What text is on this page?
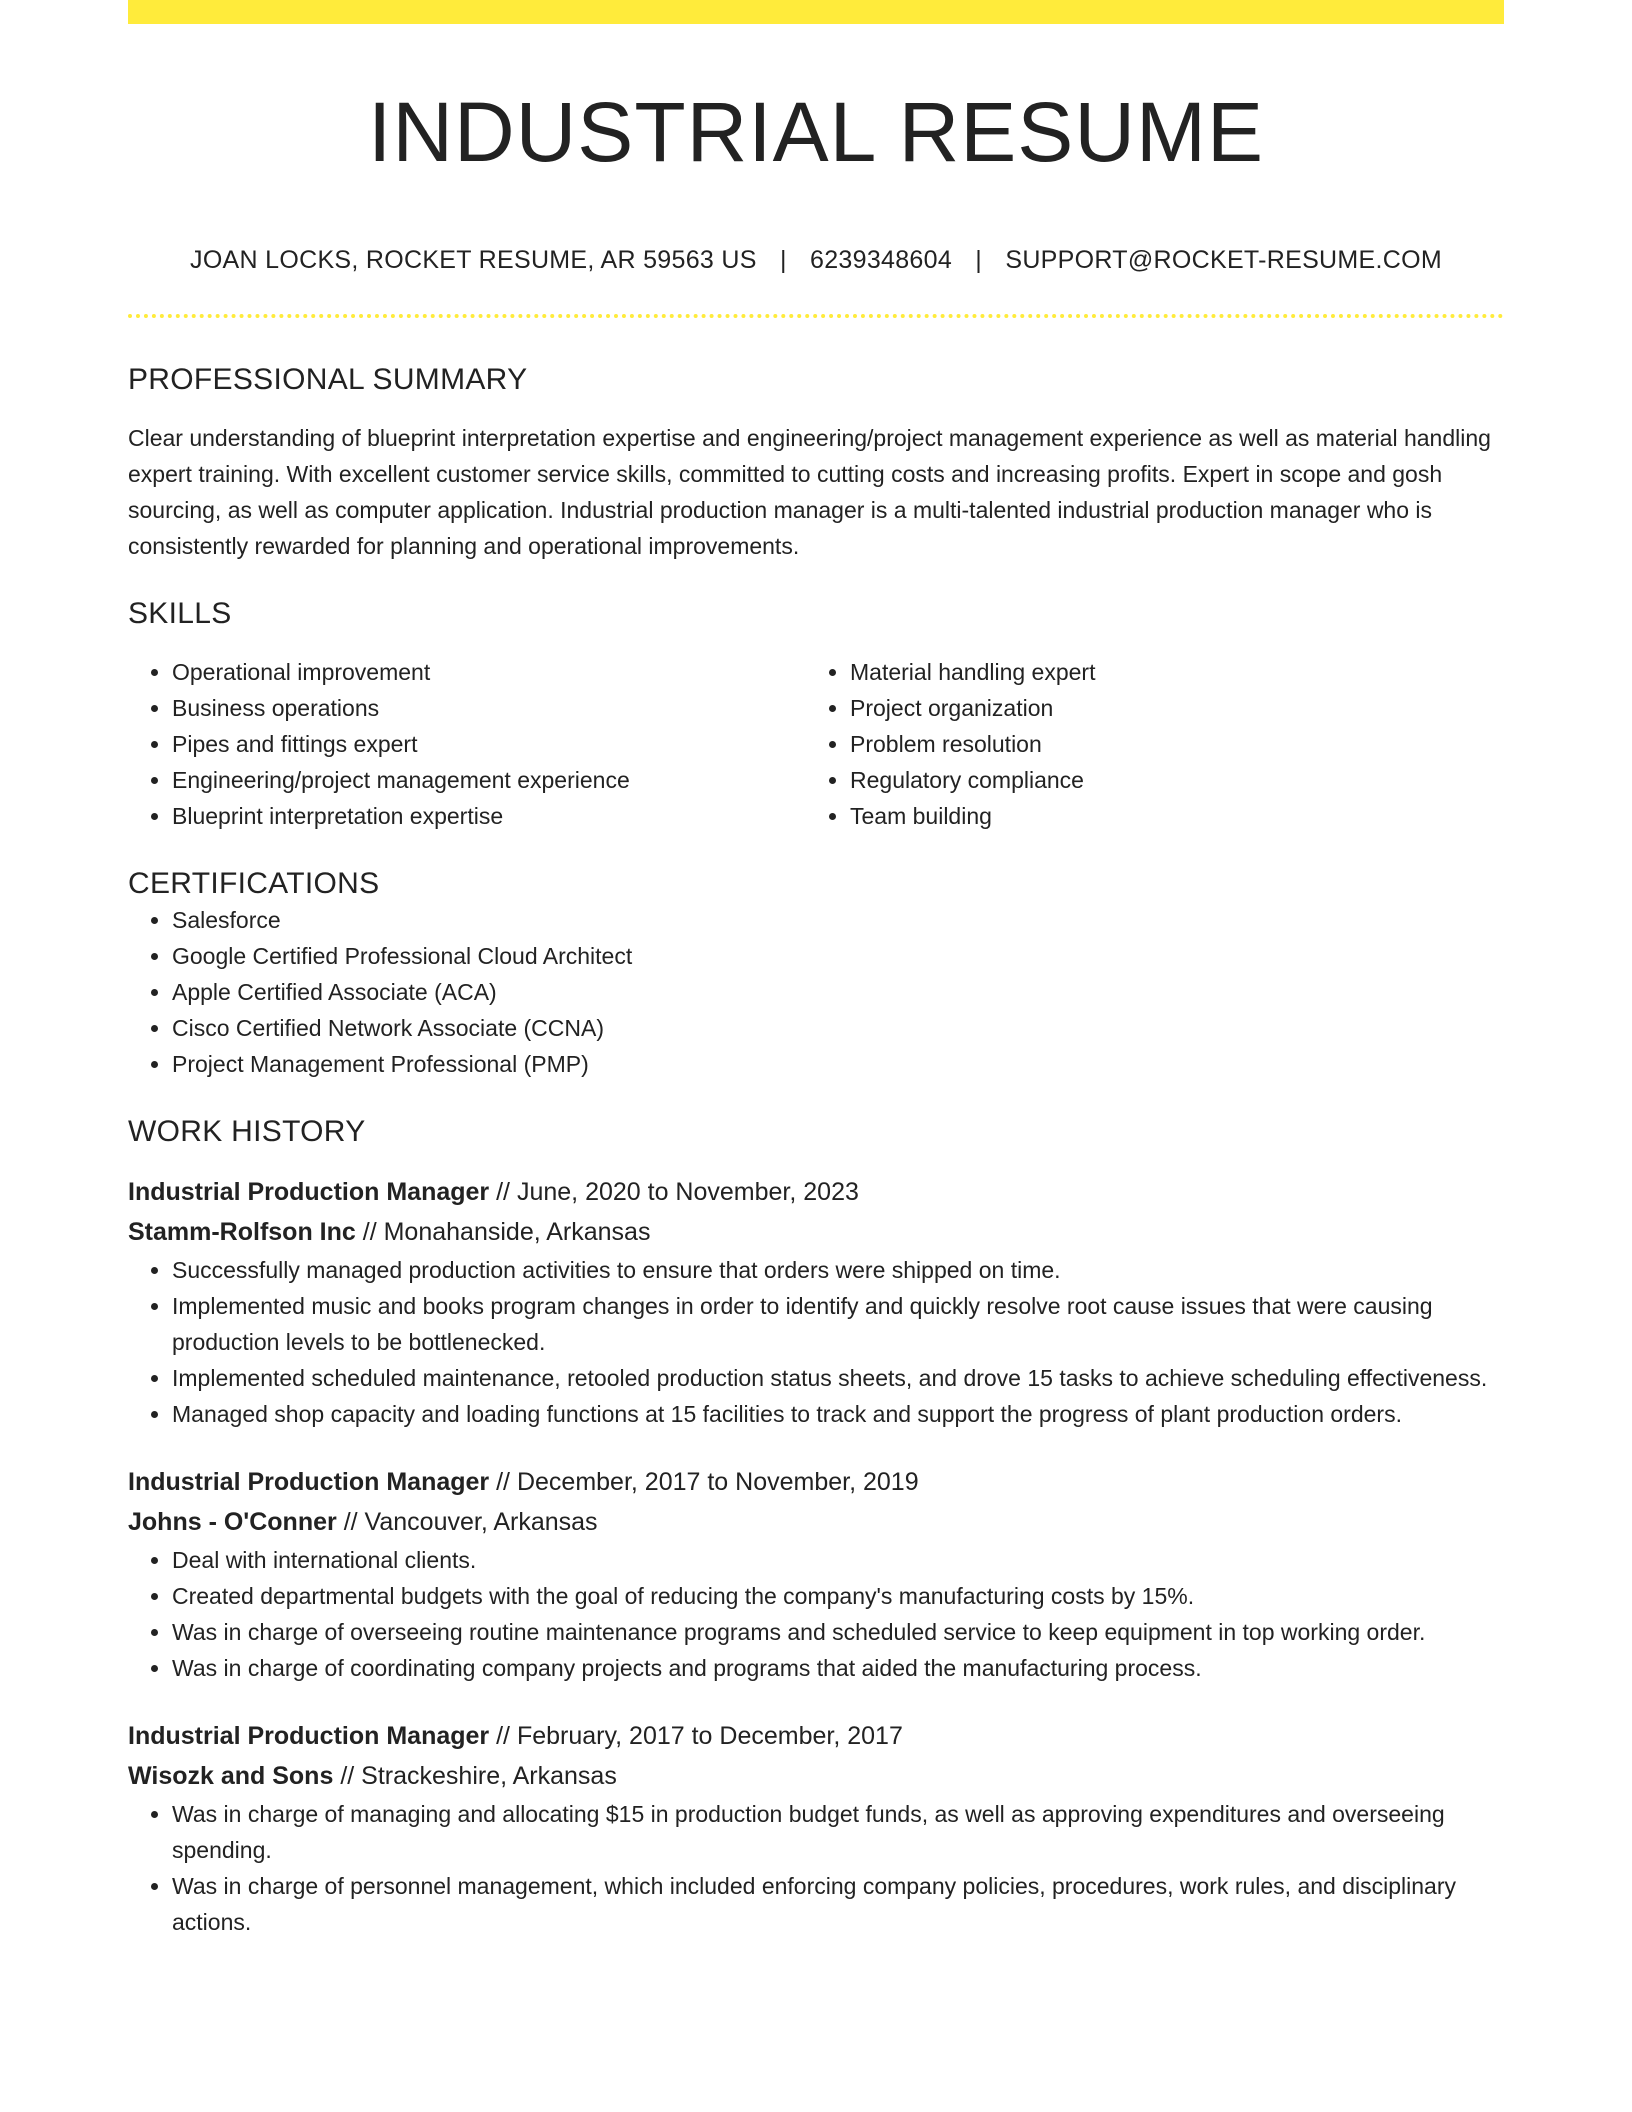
INDUSTRIAL RESUME
JOAN LOCKS, ROCKET RESUME, AR 59563 US | 6239348604 | SUPPORT@ROCKET-RESUME.COM
PROFESSIONAL SUMMARY

Clear understanding of blueprint interpretation expertise and engineering/project management experience as well as material handling expert training. With excellent customer service skills, committed to cutting costs and increasing profits. Expert in scope and gosh sourcing, as well as computer application. Industrial production manager is a multi-talented industrial production manager who is consistently rewarded for planning and operational improvements.

SKILLS
• Operational improvement
• Business operations
• Pipes and fittings expert
• Engineering/project management experience
• Blueprint interpretation expertise
• Material handling expert
• Project organization
• Problem resolution
• Regulatory compliance
• Team building
CERTIFICATIONS
• Salesforce
• Google Certified Professional Cloud Architect
• Apple Certified Associate (ACA)
• Cisco Certified Network Associate (CCNA)
• Project Management Professional (PMP)
WORK HISTORY
Industrial Production Manager // June, 2020 to November, 2023
Stamm-Rolfson Inc // Monahanside, Arkansas
• Successfully managed production activities to ensure that orders were shipped on time.
• Implemented music and books program changes in order to identify and quickly resolve root cause issues that were causing production levels to be bottlenecked.
• Implemented scheduled maintenance, retooled production status sheets, and drove 15 tasks to achieve scheduling effectiveness.
• Managed shop capacity and loading functions at 15 facilities to track and support the progress of plant production orders.
Industrial Production Manager // December, 2017 to November, 2019
Johns - O'Conner // Vancouver, Arkansas
• Deal with international clients.
• Created departmental budgets with the goal of reducing the company's manufacturing costs by 15%.
• Was in charge of overseeing routine maintenance programs and scheduled service to keep equipment in top working order.
• Was in charge of coordinating company projects and programs that aided the manufacturing process.
Industrial Production Manager // February, 2017 to December, 2017
Wisozk and Sons // Strackeshire, Arkansas
• Was in charge of managing and allocating $15 in production budget funds, as well as approving expenditures and overseeing spending.
• Was in charge of personnel management, which included enforcing company policies, procedures, work rules, and disciplinary actions.
